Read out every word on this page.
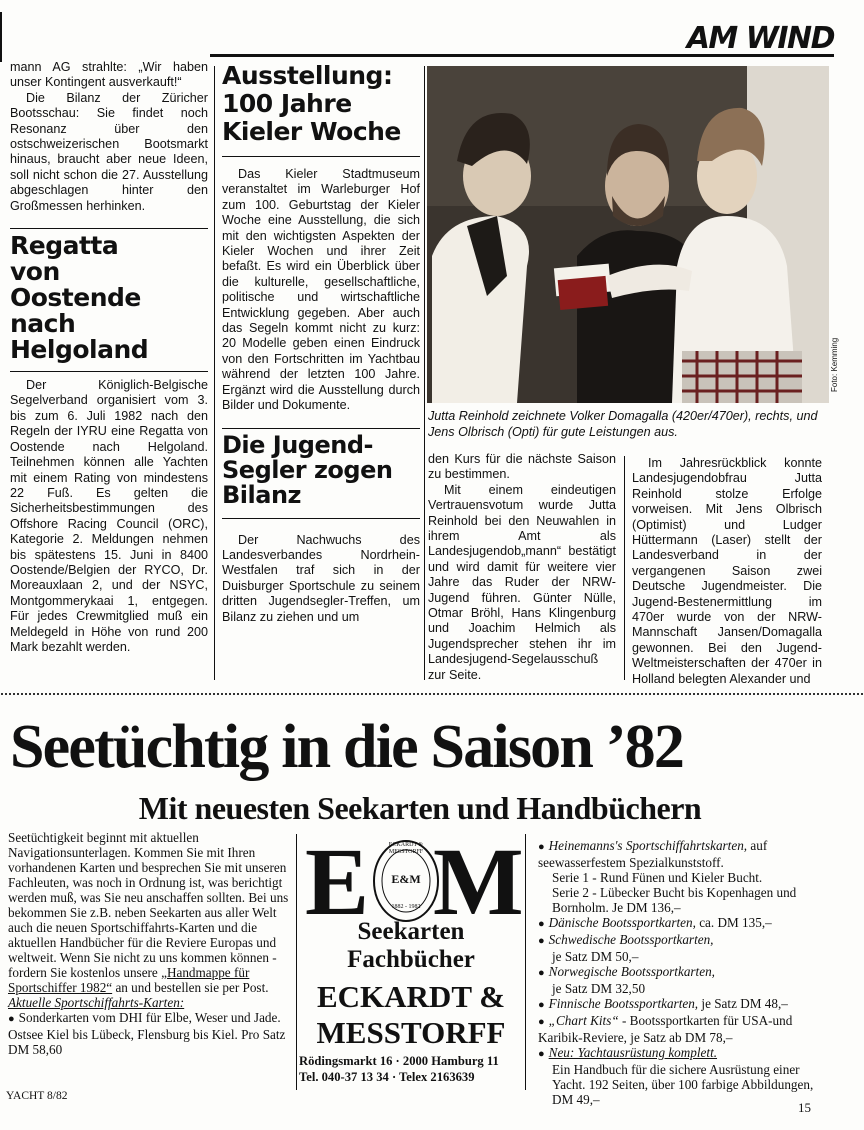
AM WIND

mann AG strahlte: „Wir haben unser Kontingent ausverkauft!“

Die Bilanz der Züricher Bootsschau: Sie findet noch Resonanz über den ostschweizerischen Bootsmarkt hinaus, braucht aber neue Ideen, soll nicht schon die 27. Ausstellung abgeschlagen hinter den Großmessen herhinken.

Regatta von Oostende nach Helgoland

Der Königlich-Belgische Segelverband organisiert vom 3. bis zum 6. Juli 1982 nach den Regeln der IYRU eine Regatta von Oostende nach Helgoland. Teilnehmen können alle Yachten mit einem Rating von mindestens 22 Fuß. Es gelten die Sicherheitsbestimmungen des Offshore Racing Council (ORC), Kategorie 2. Meldungen nehmen bis spätestens 15. Juni in 8400 Oostende/Belgien der RYCO, Dr. Moreauxlaan 2, und der NSYC, Montgommerykaai 1, entgegen. Für jedes Crewmitglied muß ein Meldegeld in Höhe von rund 200 Mark bezahlt werden.

Ausstellung: 100 Jahre Kieler Woche

Das Kieler Stadtmuseum veranstaltet im Warleburger Hof zum 100. Geburtstag der Kieler Woche eine Ausstellung, die sich mit den wichtigsten Aspekten der Kieler Wochen und ihrer Zeit befaßt. Es wird ein Überblick über die kulturelle, gesellschaftliche, politische und wirtschaftliche Entwicklung gegeben. Aber auch das Segeln kommt nicht zu kurz: 20 Modelle geben einen Eindruck von den Fortschritten im Yachtbau während der letzten 100 Jahre. Ergänzt wird die Ausstellung durch Bilder und Dokumente.

Die Jugend-Segler zogen Bilanz

Der Nachwuchs des Landesverbandes Nordrhein-Westfalen traf sich in der Duisburger Sportschule zu seinem dritten Jugendsegler-Treffen, um Bilanz zu ziehen und um

Foto: Kemming
Jutta Reinhold zeichnete Volker Domagalla (420er/470er), rechts, und Jens Olbrisch (Opti) für gute Leistungen aus.

den Kurs für die nächste Saison zu bestimmen.

Mit einem eindeutigen Vertrauensvotum wurde Jutta Reinhold bei den Neuwahlen in ihrem Amt als Landesjugendob„mann“ bestätigt und wird damit für weitere vier Jahre das Ruder der NRW-Jugend führen. Günter Nülle, Otmar Bröhl, Hans Klingenburg und Joachim Helmich als Jugendsprecher stehen ihr im Landesjugend-Segelausschuß zur Seite.

Im Jahresrückblick konnte Landesjugendobfrau Jutta Reinhold stolze Erfolge vorweisen. Mit Jens Olbrisch (Optimist) und Ludger Hüttermann (Laser) stellt der Landesverband in der vergangenen Saison zwei Deutsche Jugendmeister. Die Jugend-Bestenermittlung im 470er wurde von der NRW-Mannschaft Jansen/Domagalla gewonnen. Bei den Jugend-Weltmeisterschaften der 470er in Holland belegten Alexander und

Seetüchtig in die Saison ’82
Mit neuesten Seekarten und Handbüchern
Seetüchtigkeit beginnt mit aktuellen Navigationsunterlagen. Kommen Sie mit Ihren vorhandenen Karten und besprechen Sie mit unseren Fachleuten, was noch in Ordnung ist, was berichtigt werden muß, was Sie neu anschaffen sollten. Bei uns bekommen Sie z.B. neben Seekarten aus aller Welt auch die neuen Sportschiffahrts-Karten und die aktuellen Handbücher für die Reviere Europas und weltweit. Wenn Sie nicht zu uns kommen können - fordern Sie kostenlos unsere „Handmappe für Sportschiffer 1982“ an und bestellen sie per Post.
Aktuelle Sportschiffahrts-Karten:
● Sonderkarten vom DHI für Elbe, Weser und Jade. Ostsee Kiel bis Lübeck, Flensburg bis Kiel. Pro Satz DM 58,60
E M
ECKARDT & MESSTORFF
E&M
1882 - 1982
Seekarten
Fachbücher
ECKARDT &
MESSTORFF
Rödingsmarkt 16 · 2000 Hamburg 11
Tel. 040-37 13 34 · Telex 2163639
● Heinemanns's Sportschiffahrtskarten, auf seewasserfestem Spezialkunststoff.
Serie 1 - Rund Fünen und Kieler Bucht.
Serie 2 - Lübecker Bucht bis Kopenhagen und Bornholm. Je DM 136,–
● Dänische Bootssportkarten, ca. DM 135,–
● Schwedische Bootssportkarten,
je Satz DM 50,–
● Norwegische Bootssportkarten,
je Satz DM 32,50
● Finnische Bootssportkarten, je Satz DM 48,–
● „Chart Kits“ - Bootssportkarten für USA-und Karibik-Reviere, je Satz ab DM 78,–
● Neu: Yachtausrüstung komplett.
Ein Handbuch für die sichere Ausrüstung einer Yacht. 192 Seiten, über 100 farbige Abbildungen, DM 49,–
YACHT 8/82
15
